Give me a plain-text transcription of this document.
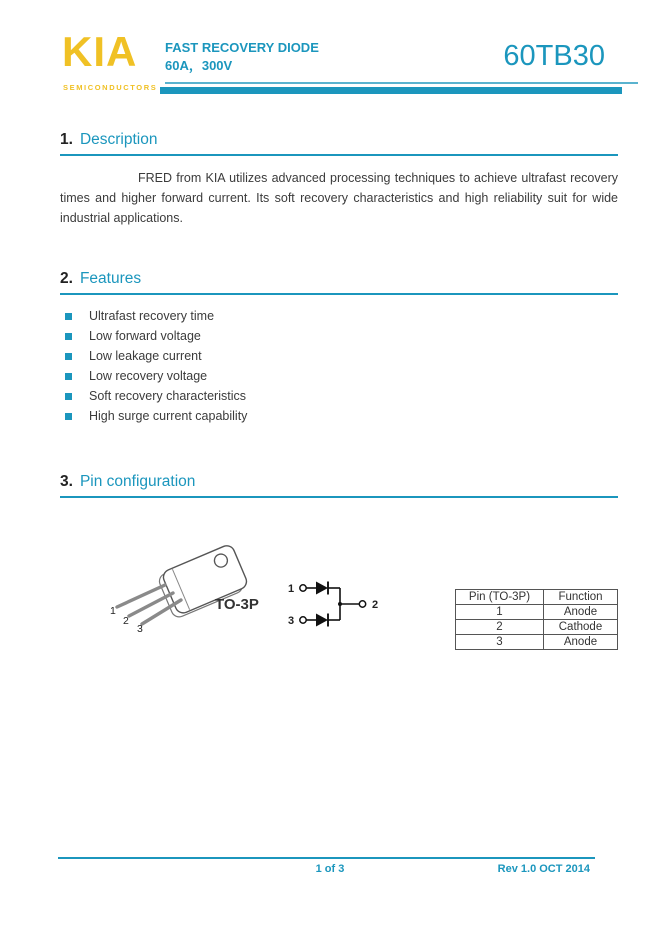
KIA
SEMICONDUCTORS
FAST RECOVERY DIODE
60A，300V	60TB30
1. Description
FRED from KIA utilizes advanced processing techniques to achieve ultrafast recovery times and higher forward current. Its soft recovery characteristics and high reliability suit for wide industrial applications.
2. Features
Ultrafast recovery time
Low forward voltage
Low leakage current
Low recovery voltage
Soft recovery characteristics
High surge current capability
3. Pin configuration
1
2
3
TO-3P
1
3
2
Pin (TO-3P)	Function
1	Anode
2	Cathode
3	Anode
1 of 3	Rev 1.0 OCT 2014
